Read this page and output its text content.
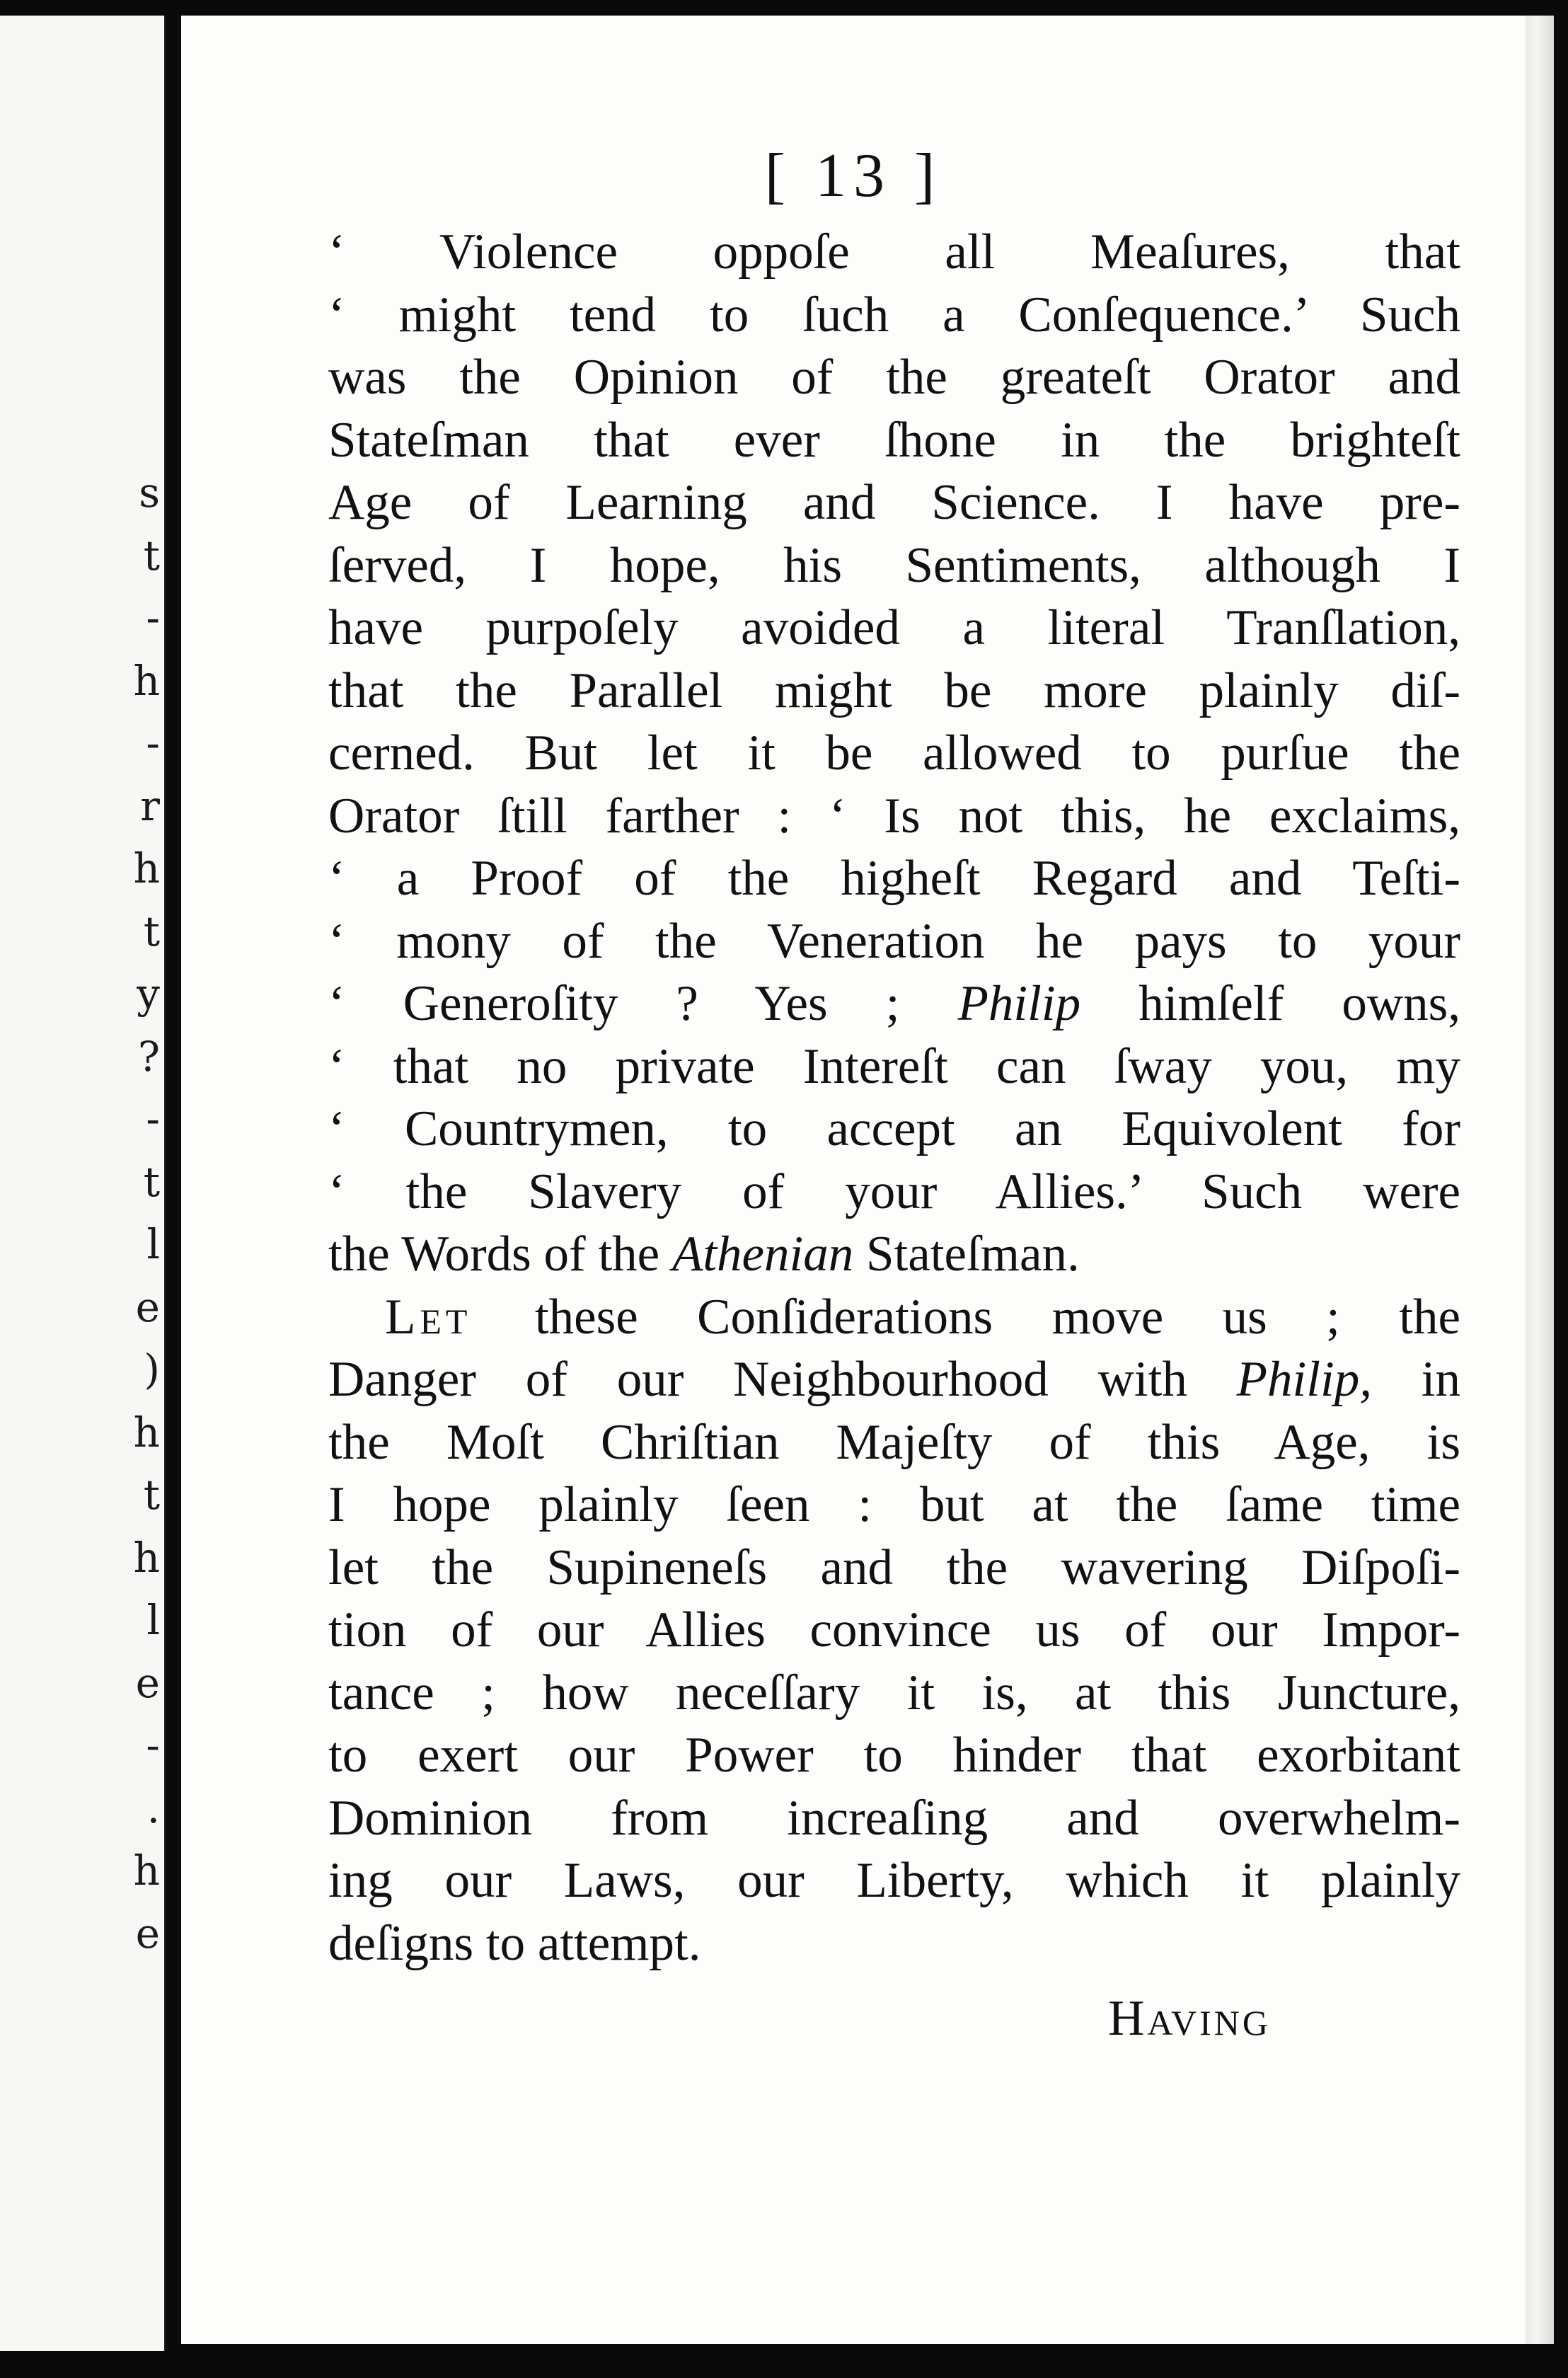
s
t
-
h
-
r
h
t
y
?
-
t
l
e
)
h
t
h
l
e
-
.
h
e
[ 13 ]
‘ Violence oppoſe all Meaſures, that
‘ might tend to ſuch a Conſequence.’ Such
was the Opinion of the greateſt Orator and
Stateſman that ever ſhone in the brighteſt
Age of Learning and Science. I have pre-
ſerved, I hope, his Sentiments, although I
have purpoſely avoided a literal Tranſlation,
that the Parallel might be more plainly diſ-
cerned. But let it be allowed to purſue the
Orator ſtill farther : ‘ Is not this, he exclaims,
‘ a Proof of the higheſt Regard and Teſti-
‘ mony of the Veneration he pays to your
‘ Generoſity ? Yes ; Philip himſelf owns,
‘ that no private Intereſt can ſway you, my
‘ Countrymen, to accept an Equivolent for
‘ the Slavery of your Allies.’ Such were
the Words of the Athenian Stateſman.
Let these Conſiderations move us ; the
Danger of our Neighbourhood with Philip, in
the Moſt Chriſtian Majeſty of this Age, is
I hope plainly ſeen : but at the ſame time
let the Supineneſs and the wavering Diſpoſi-
tion of our Allies convince us of our Impor-
tance ; how neceſſary it is, at this Juncture,
to exert our Power to hinder that exorbitant
Dominion from increaſing and overwhelm-
ing our Laws, our Liberty, which it plainly
deſigns to attempt.
Having
